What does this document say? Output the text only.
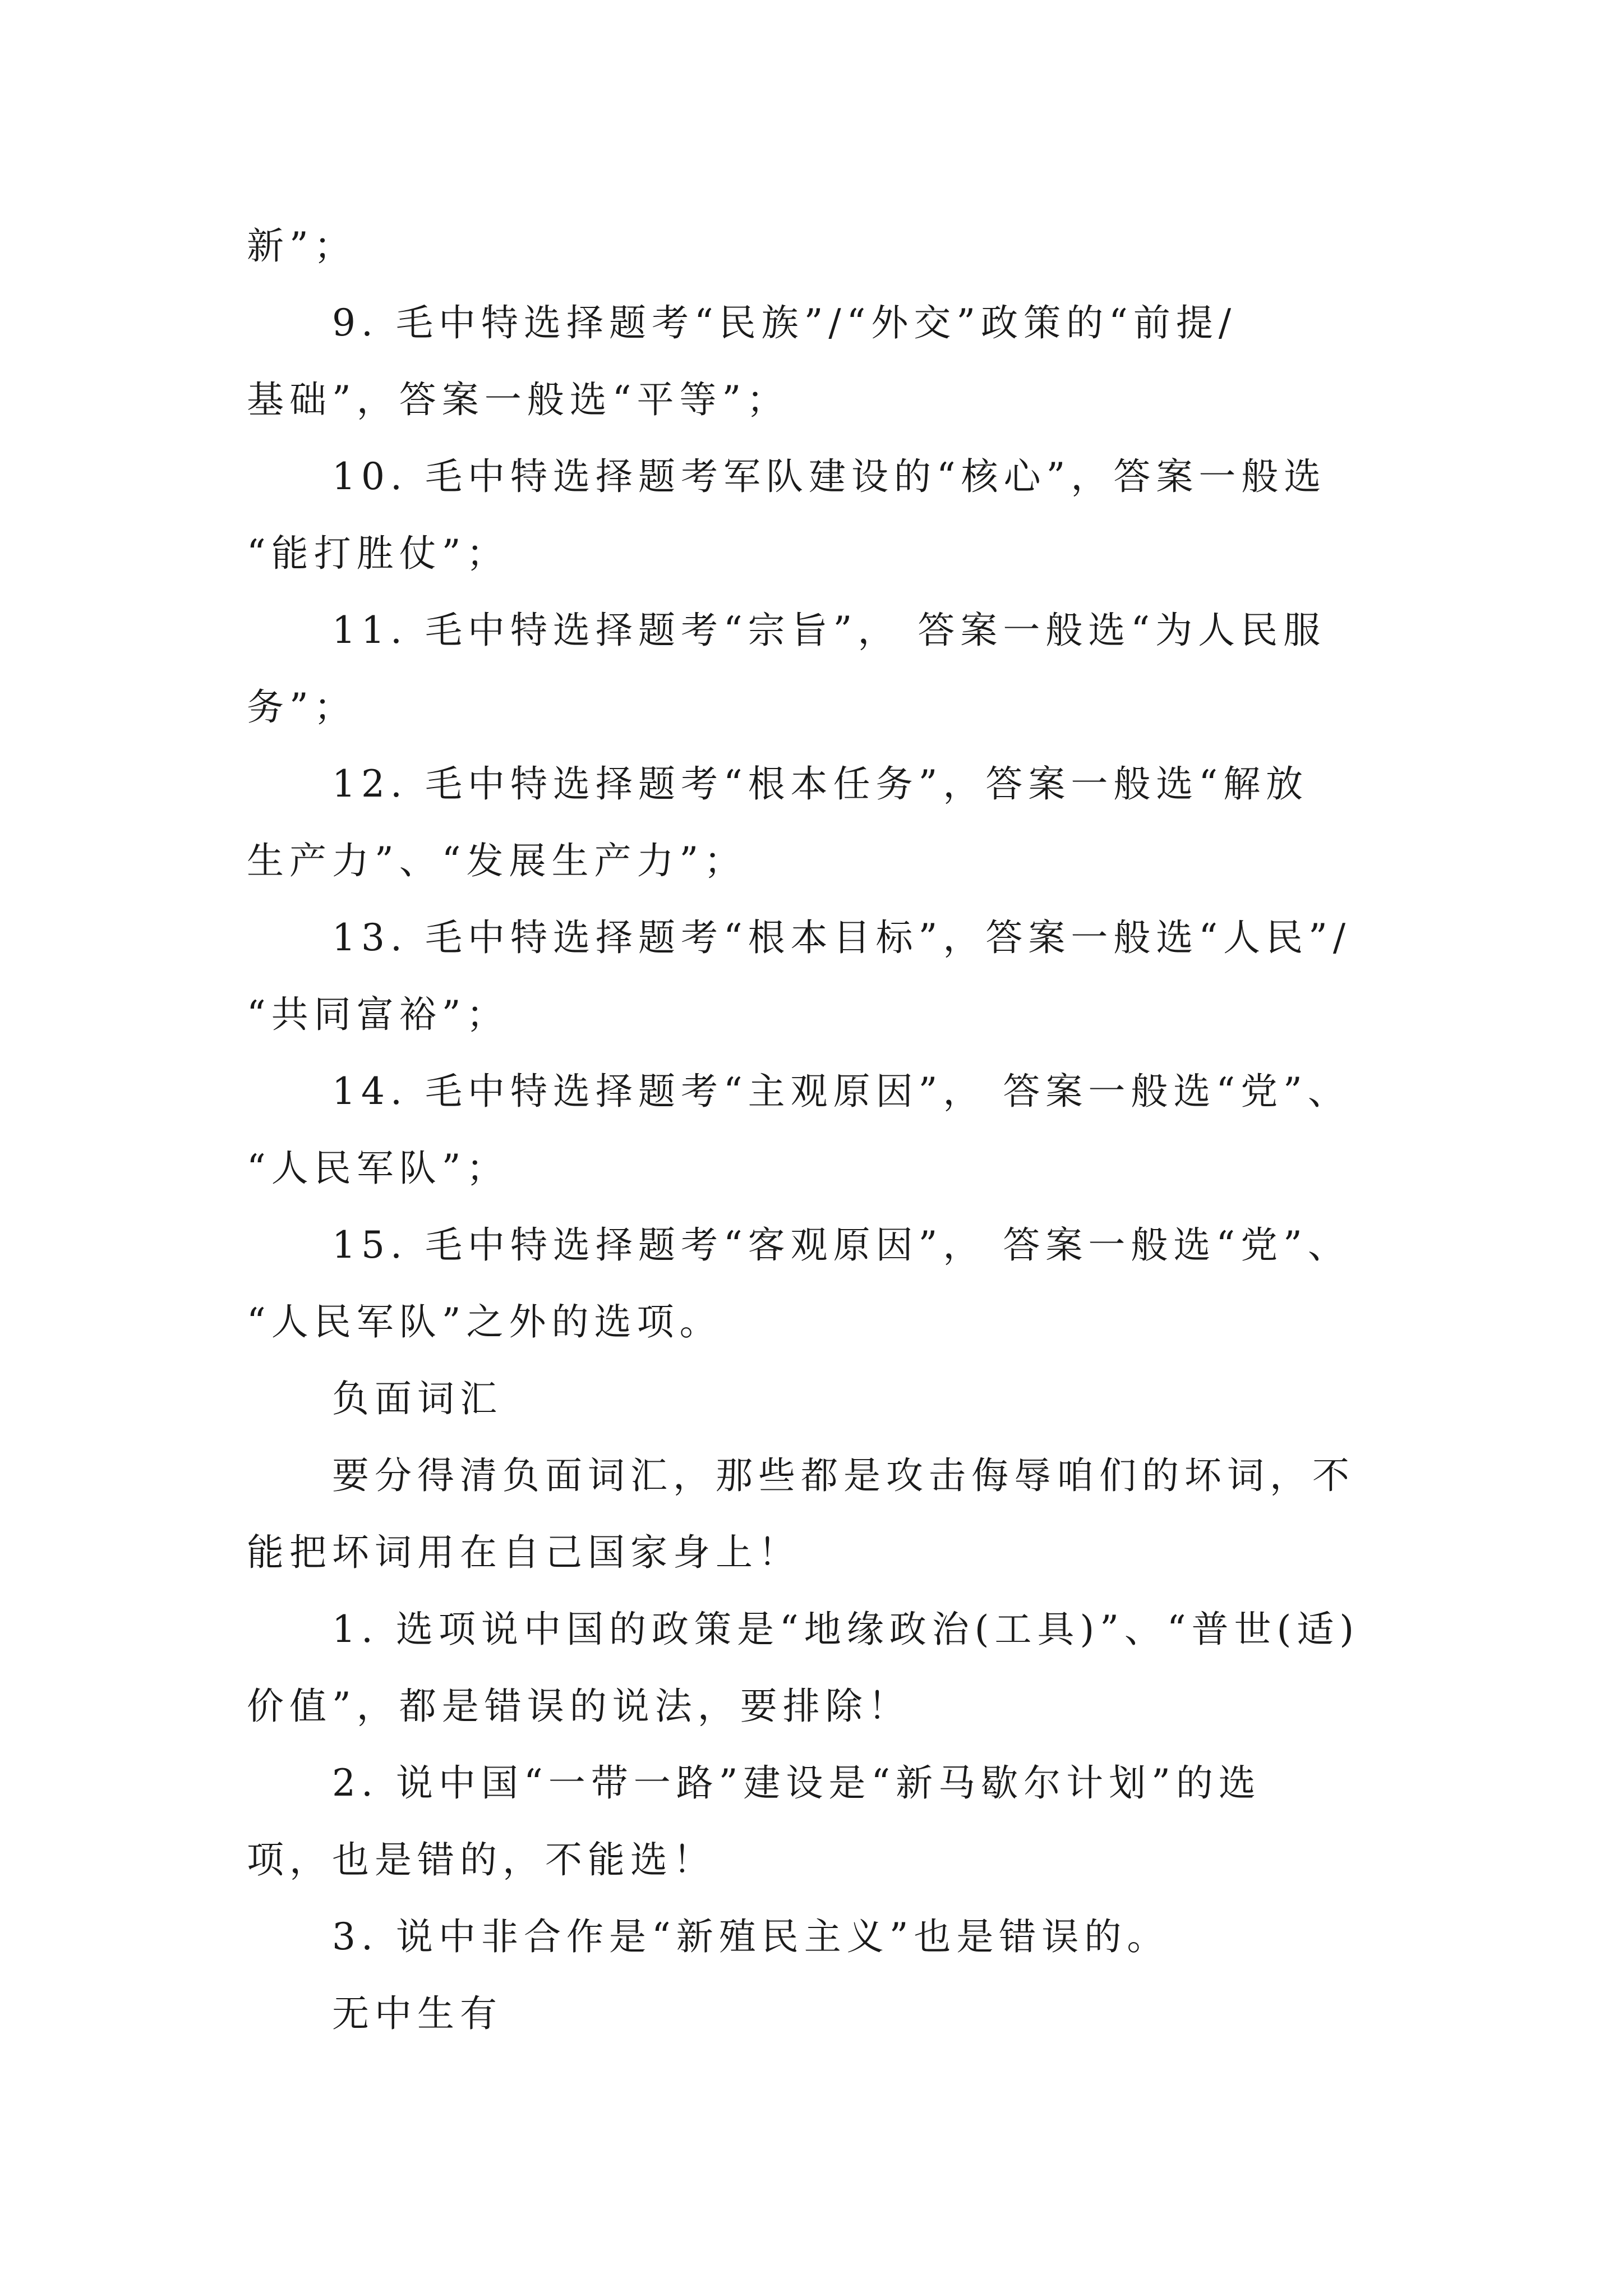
新”；
9. 毛中特选择题考“民族”/“外交”政策的“前提/
基础”，答案一般选“平等”；
10. 毛中特选择题考军队建设的“核心”，答案一般选
“能打胜仗”；
11. 毛中特选择题考“宗旨”， 答案一般选“为人民服
务”；
12. 毛中特选择题考“根本任务”，答案一般选“解放
生产力”、“发展生产力”；
13. 毛中特选择题考“根本目标”，答案一般选“人民”/
“共同富裕”；
14. 毛中特选择题考“主观原因”， 答案一般选“党”、
“人民军队”；
15. 毛中特选择题考“客观原因”， 答案一般选“党”、
“人民军队”之外的选项。
负面词汇
要分得清负面词汇，那些都是攻击侮辱咱们的坏词，不
能把坏词用在自己国家身上！
1. 选项说中国的政策是“地缘政治(工具)”、“普世(适)
价值”，都是错误的说法，要排除！
2. 说中国“一带一路”建设是“新马歇尔计划”的选
项，也是错的，不能选！
3. 说中非合作是“新殖民主义”也是错误的。
无中生有
